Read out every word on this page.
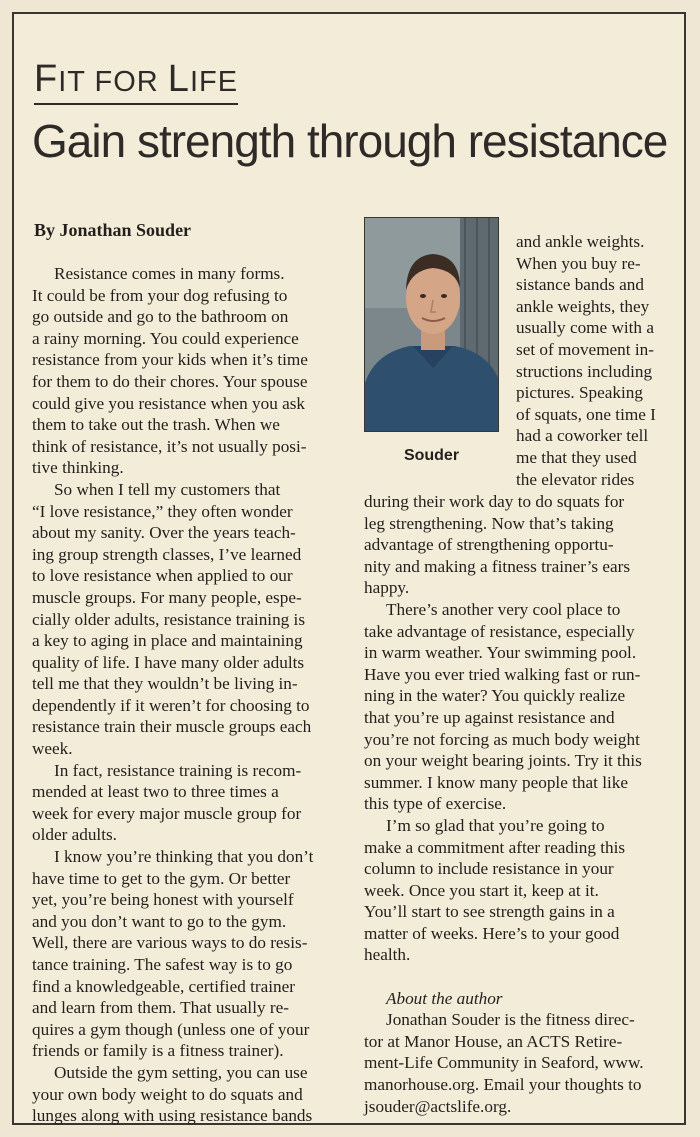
FIT FOR LIFE
Gain strength through resistance
By Jonathan Souder
Resistance comes in many forms.
It could be from your dog refusing to
go outside and go to the bathroom on
a rainy morning. You could experience
resistance from your kids when it’s time
for them to do their chores. Your spouse
could give you resistance when you ask
them to take out the trash. When we
think of resistance, it’s not usually posi-
tive thinking.
So when I tell my customers that
“I love resistance,” they often wonder
about my sanity. Over the years teach-
ing group strength classes, I’ve learned
to love resistance when applied to our
muscle groups. For many people, espe-
cially older adults, resistance training is
a key to aging in place and maintaining
quality of life. I have many older adults
tell me that they wouldn’t be living in-
dependently if it weren’t for choosing to
resistance train their muscle groups each
week.
In fact, resistance training is recom-
mended at least two to three times a
week for every major muscle group for
older adults.
I know you’re thinking that you don’t
have time to get to the gym. Or better
yet, you’re being honest with yourself
and you don’t want to go to the gym.
Well, there are various ways to do resis-
tance training. The safest way is to go
find a knowledgeable, certified trainer
and learn from them. That usually re-
quires a gym though (unless one of your
friends or family is a fitness trainer).
Outside the gym setting, you can use
your own body weight to do squats and
lunges along with using resistance bands
Souder
and ankle weights.
When you buy re-
sistance bands and
ankle weights, they
usually come with a
set of movement in-
structions including
pictures. Speaking
of squats, one time I
had a coworker tell
me that they used
the elevator rides
during their work day to do squats for
leg strengthening. Now that’s taking
advantage of strengthening opportu-
nity and making a fitness trainer’s ears
happy.
There’s another very cool place to
take advantage of resistance, especially
in warm weather. Your swimming pool.
Have you ever tried walking fast or run-
ning in the water? You quickly realize
that you’re up against resistance and
you’re not forcing as much body weight
on your weight bearing joints. Try it this
summer. I know many people that like
this type of exercise.
I’m so glad that you’re going to
make a commitment after reading this
column to include resistance in your
week. Once you start it, keep at it.
You’ll start to see strength gains in a
matter of weeks. Here’s to your good
health.
About the author
Jonathan Souder is the fitness direc-
tor at Manor House, an ACTS Retire-
ment-Life Community in Seaford, www.
manorhouse.org. Email your thoughts to
jsouder@actslife.org.
